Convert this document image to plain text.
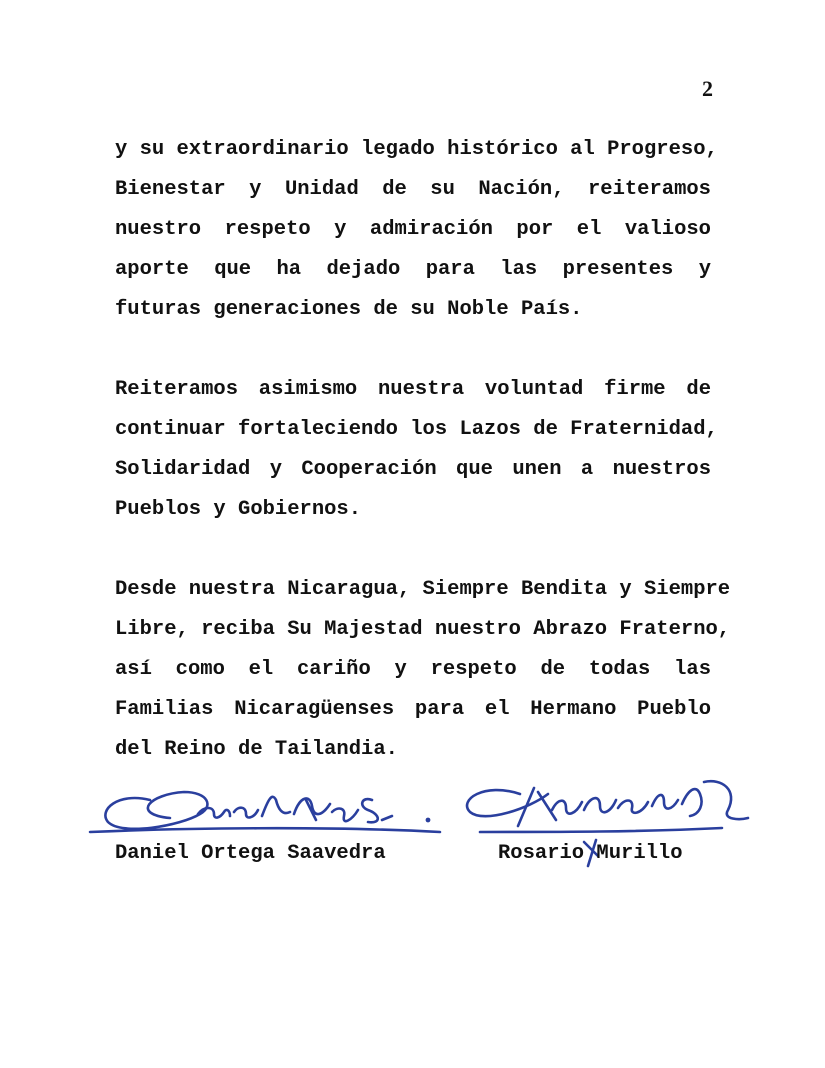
2
y su extraordinario legado histórico al Progreso,
Bienestar y Unidad de su Nación, reiteramos
nuestro respeto y admiración por el valioso
aporte que ha dejado para las presentes y
futuras generaciones de su Noble País.
Reiteramos asimismo nuestra voluntad firme de
continuar fortaleciendo los Lazos de Fraternidad,
Solidaridad y Cooperación que unen a nuestros
Pueblos y Gobiernos.
Desde nuestra Nicaragua, Siempre Bendita y Siempre
Libre, reciba Su Majestad nuestro Abrazo Fraterno,
así como el cariño y respeto de todas las
Familias Nicaragüenses para el Hermano Pueblo
del Reino de Tailandia.
Daniel Ortega Saavedra	Rosario Murillo
